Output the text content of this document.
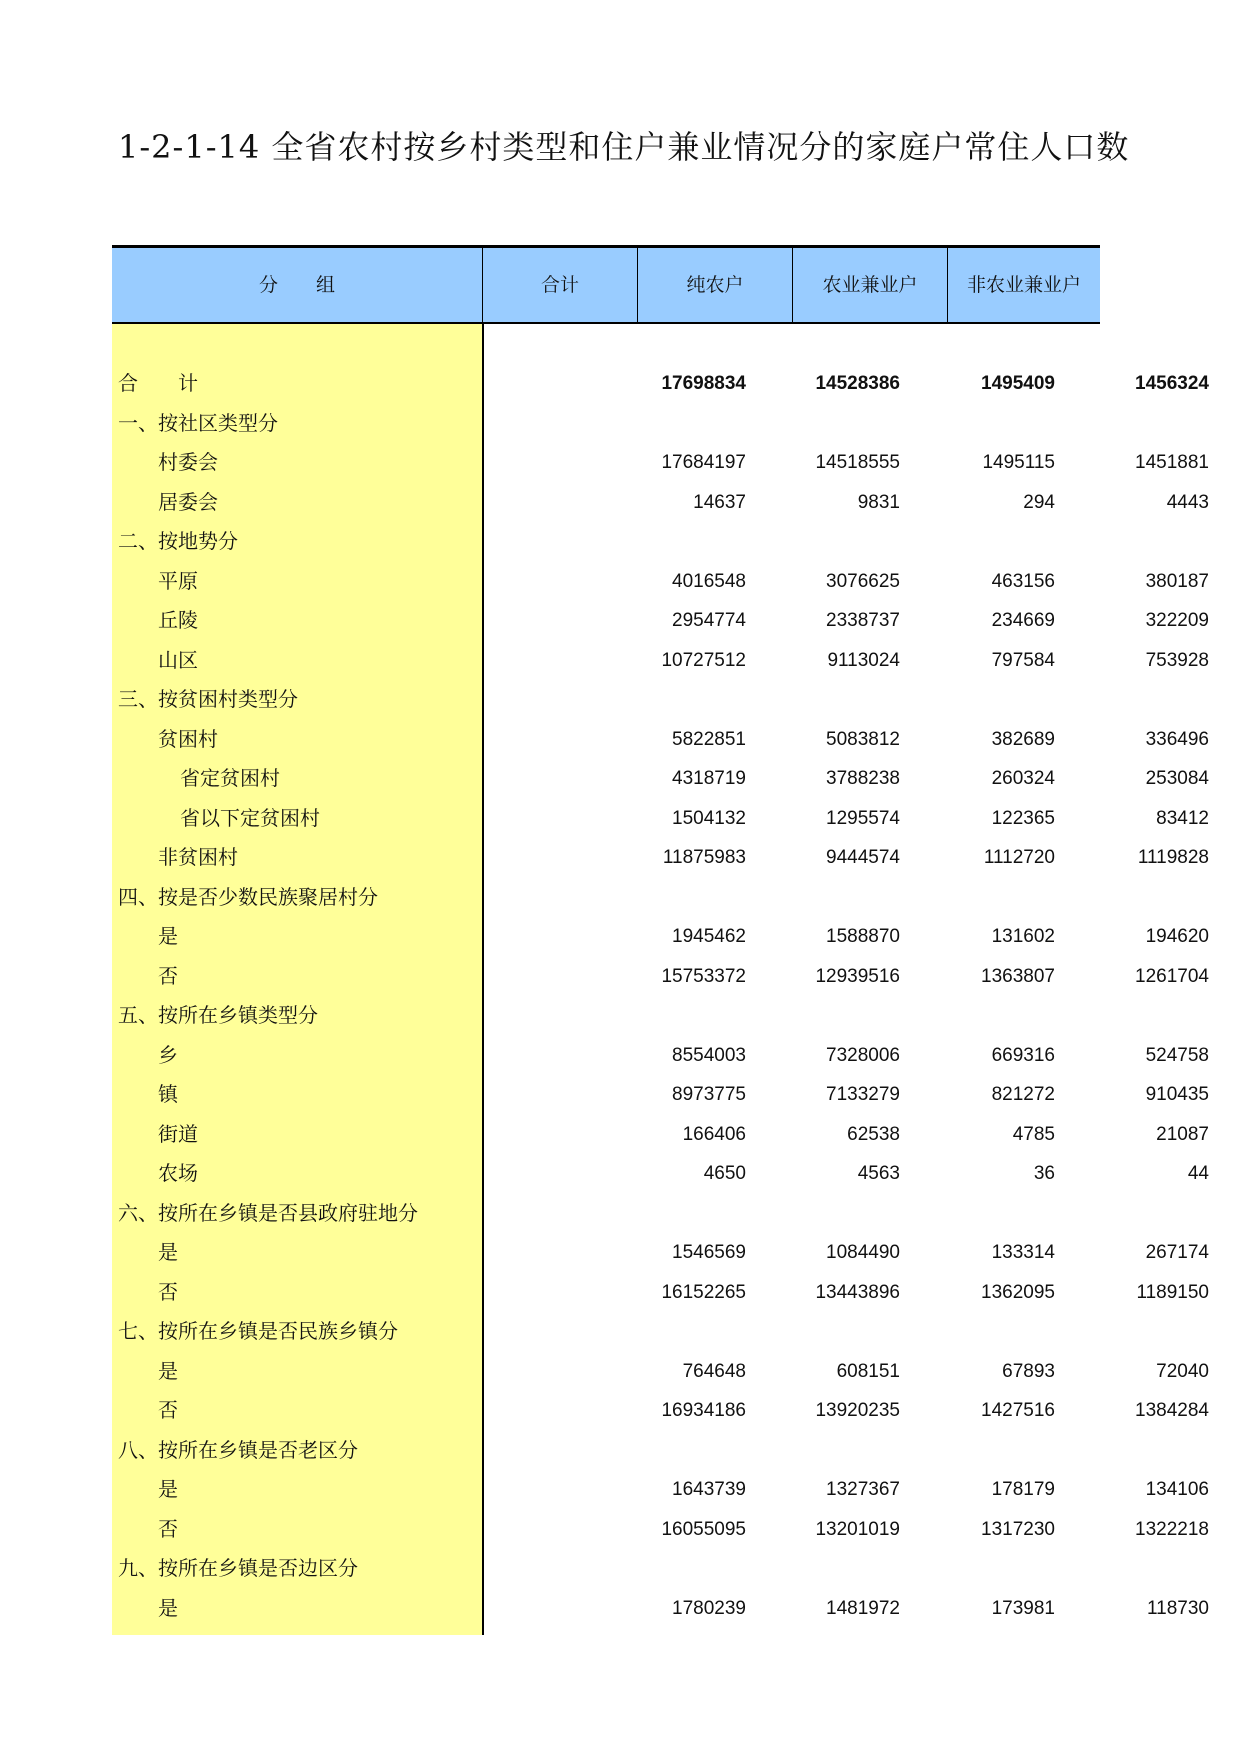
1-2-1-14 全省农村按乡村类型和住户兼业情况分的家庭户常住人口数
分　　组	合计	纯农户	农业兼业户	非农业兼业户
合　　计	17698834	14528386	1495409	1456324
一、按社区类型分
村委会	17684197	14518555	1495115	1451881
居委会	14637	9831	294	4443
二、按地势分
平原	4016548	3076625	463156	380187
丘陵	2954774	2338737	234669	322209
山区	10727512	9113024	797584	753928
三、按贫困村类型分
贫困村	5822851	5083812	382689	336496
省定贫困村	4318719	3788238	260324	253084
省以下定贫困村	1504132	1295574	122365	83412
非贫困村	11875983	9444574	1112720	1119828
四、按是否少数民族聚居村分
是	1945462	1588870	131602	194620
否	15753372	12939516	1363807	1261704
五、按所在乡镇类型分
乡	8554003	7328006	669316	524758
镇	8973775	7133279	821272	910435
街道	166406	62538	4785	21087
农场	4650	4563	36	44
六、按所在乡镇是否县政府驻地分
是	1546569	1084490	133314	267174
否	16152265	13443896	1362095	1189150
七、按所在乡镇是否民族乡镇分
是	764648	608151	67893	72040
否	16934186	13920235	1427516	1384284
八、按所在乡镇是否老区分
是	1643739	1327367	178179	134106
否	16055095	13201019	1317230	1322218
九、按所在乡镇是否边区分
是	1780239	1481972	173981	118730
